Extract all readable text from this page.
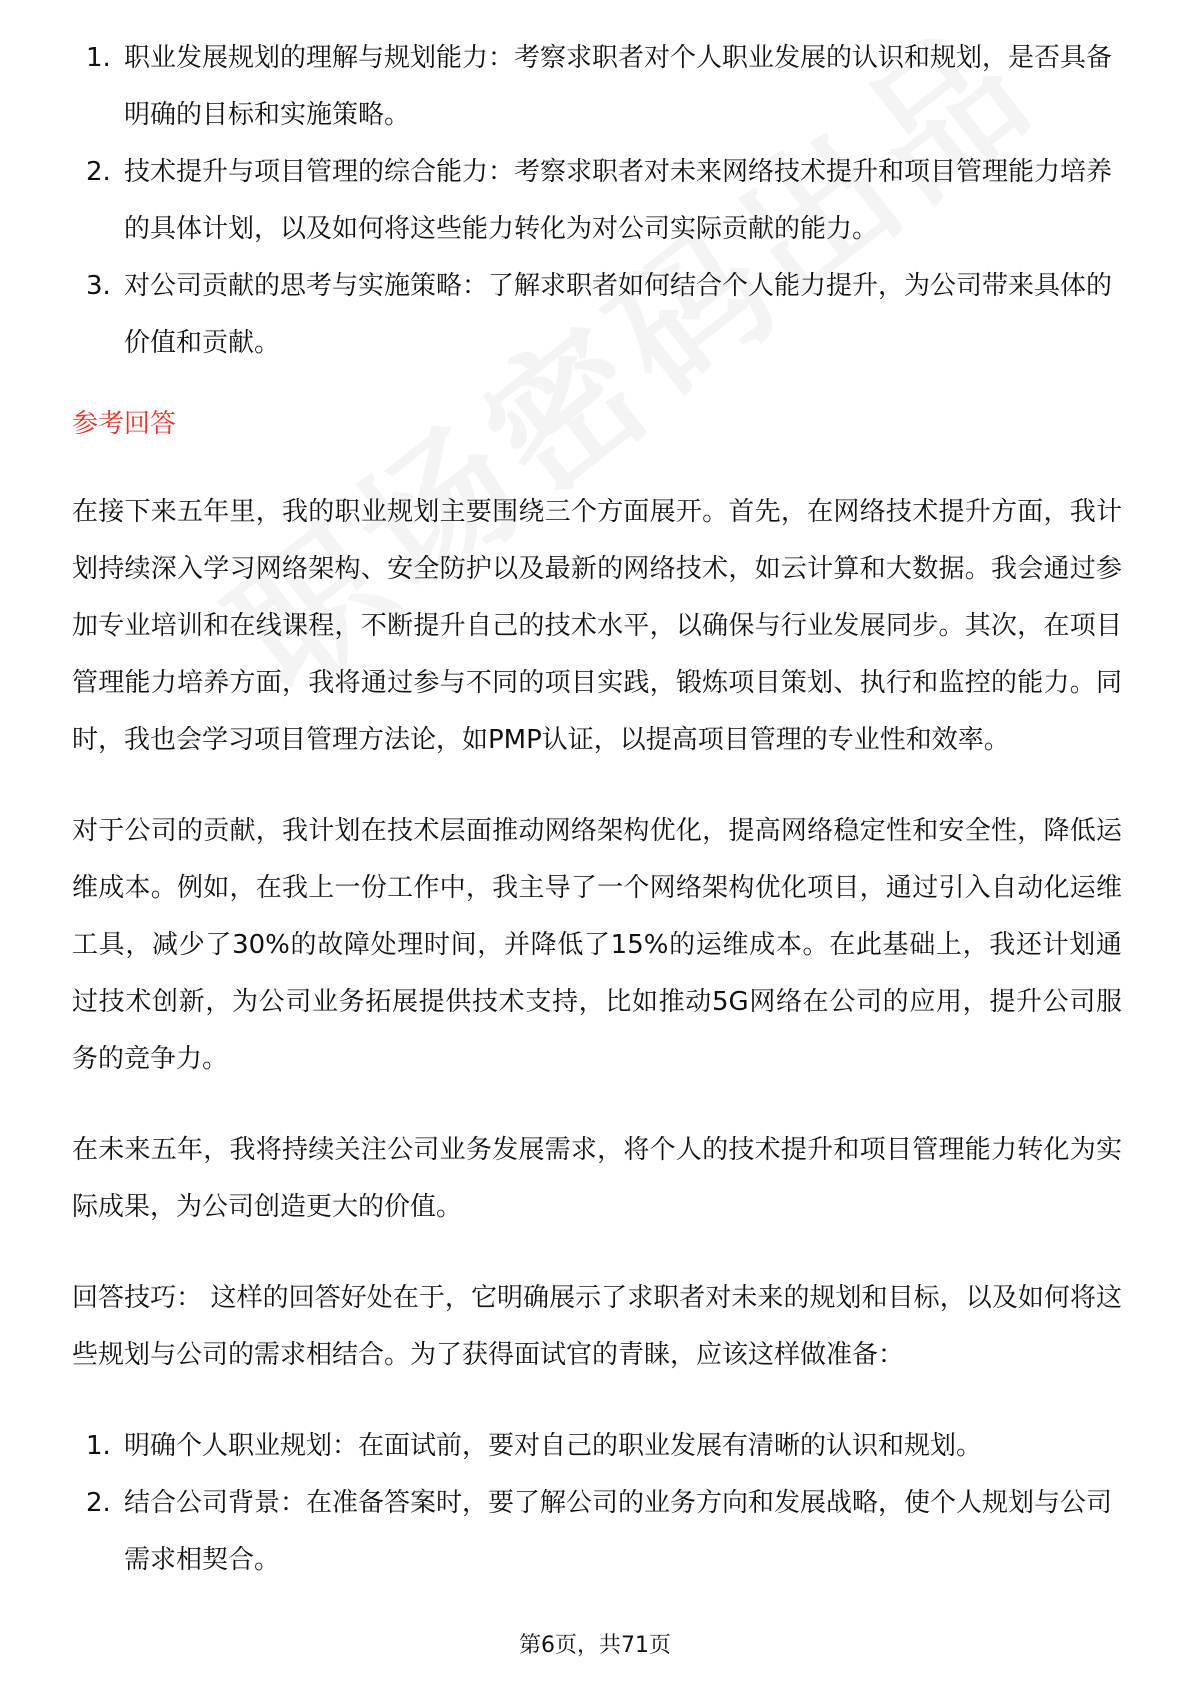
1. 职业发展规划的理解与规划能力：考察求职者对个人职业发展的认识和规划，是否具备明确的目标和实施策略。
2. 技术提升与项目管理的综合能力：考察求职者对未来网络技术提升和项目管理能力培养的具体计划，以及如何将这些能力转化为对公司实际贡献的能力。
3. 对公司贡献的思考与实施策略：了解求职者如何结合个人能力提升，为公司带来具体的价值和贡献。
参考回答

在接下来五年里，我的职业规划主要围绕三个方面展开。首先，在网络技术提升方面，我计划持续深入学习网络架构、安全防护以及最新的网络技术，如云计算和大数据。我会通过参加专业培训和在线课程，不断提升自己的技术水平，以确保与行业发展同步。其次，在项目管理能力培养方面，我将通过参与不同的项目实践，锻炼项目策划、执行和监控的能力。同时，我也会学习项目管理方法论，如PMP认证，以提高项目管理的专业性和效率。

对于公司的贡献，我计划在技术层面推动网络架构优化，提高网络稳定性和安全性，降低运维成本。例如，在我上一份工作中，我主导了一个网络架构优化项目，通过引入自动化运维工具，减少了30%的故障处理时间，并降低了15%的运维成本。在此基础上，我还计划通过技术创新，为公司业务拓展提供技术支持，比如推动5G网络在公司的应用，提升公司服务的竞争力。

在未来五年，我将持续关注公司业务发展需求，将个人的技术提升和项目管理能力转化为实际成果，为公司创造更大的价值。

回答技巧： 这样的回答好处在于，它明确展示了求职者对未来的规划和目标，以及如何将这些规划与公司的需求相结合。为了获得面试官的青睐，应该这样做准备：

1. 明确个人职业规划：在面试前，要对自己的职业发展有清晰的认识和规划。
2. 结合公司背景：在准备答案时，要了解公司的业务方向和发展战略，使个人规划与公司需求相契合。
第6页，共71页
